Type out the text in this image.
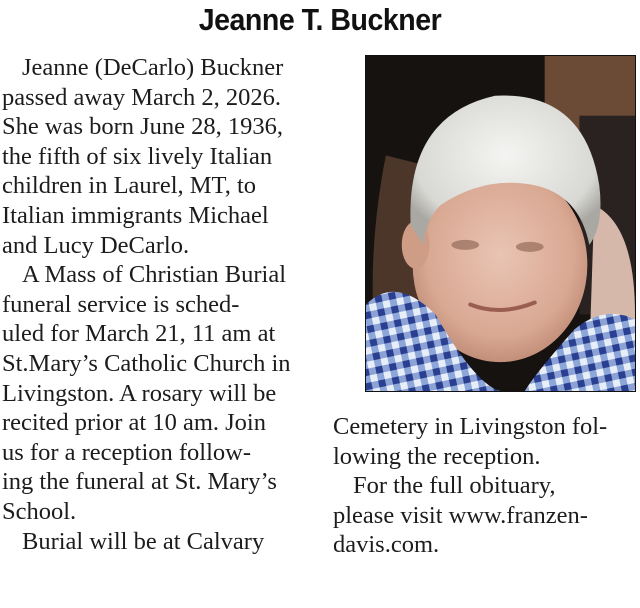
Jeanne T. Buckner
Jeanne (DeCarlo) Buckner
passed away March 2, 2026.
She was born June 28, 1936,
the fifth of six lively Italian
children in Laurel, MT, to
Italian immigrants Michael
and Lucy DeCarlo.
A Mass of Christian Burial
funeral service is sched-
uled for March 21, 11 am at
St.Mary’s Catholic Church in
Livingston. A rosary will be
recited prior at 10 am. Join
us for a reception follow-
ing the funeral at St. Mary’s
School.
Burial will be at Calvary
Cemetery in Livingston fol-
lowing the reception.
For the full obituary,
please visit www.franzen-
davis.com.
